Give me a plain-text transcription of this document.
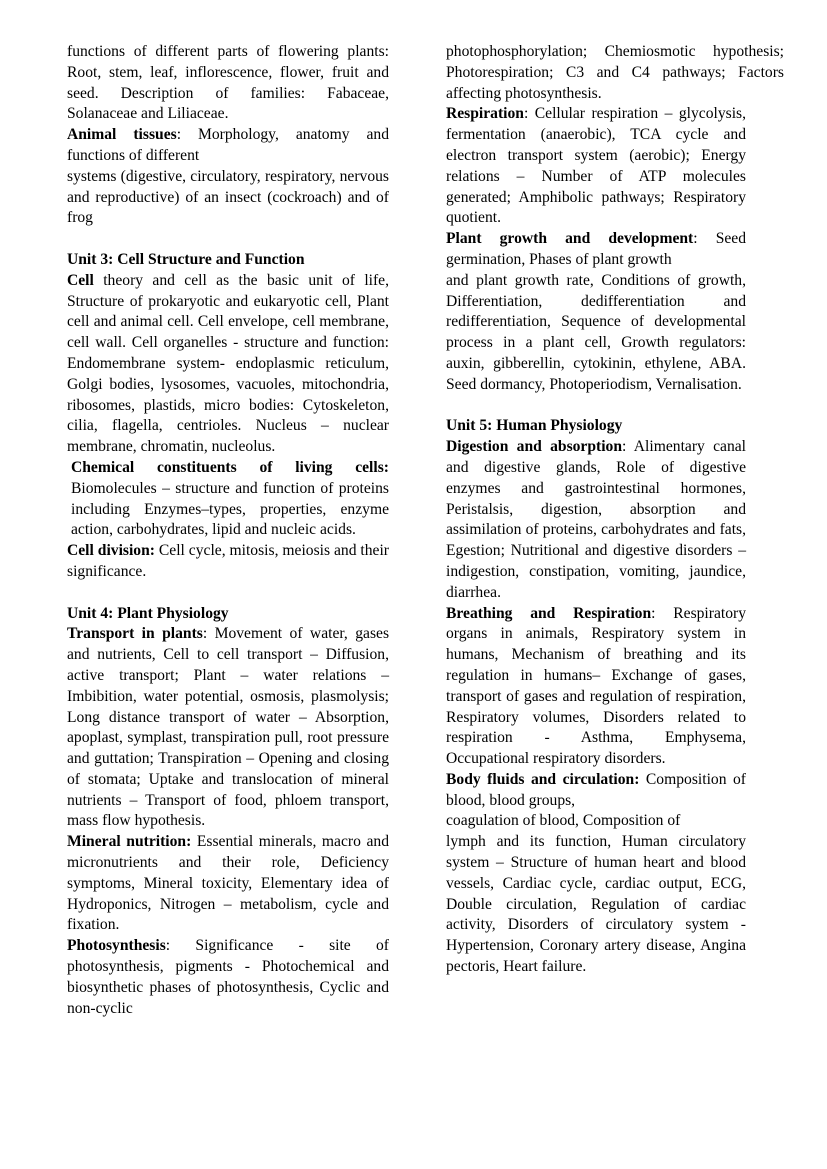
functions of different parts of flowering plants: Root, stem, leaf, inflorescence, flower, fruit and seed. Description of families: Fabaceae, Solanaceae and Liliaceae.

Animal tissues: Morphology, anatomy and functions of different

systems (digestive, circulatory, respiratory, nervous and reproductive) of an insect (cockroach) and of frog

Unit 3: Cell Structure and Function

Cell theory and cell as the basic unit of life, Structure of prokaryotic and eukaryotic cell, Plant cell and animal cell. Cell envelope, cell membrane, cell wall. Cell organelles - structure and function: Endomembrane system- endoplasmic reticulum, Golgi bodies, lysosomes, vacuoles, mitochondria, ribosomes, plastids, micro bodies: Cytoskeleton, cilia, flagella, centrioles. Nucleus – nuclear membrane, chromatin, nucleolus.

Chemical constituents of living cells: Biomolecules – structure and function of proteins including Enzymes–types, properties, enzyme action, carbohydrates, lipid and nucleic acids.

Cell division: Cell cycle, mitosis, meiosis and their significance.

Unit 4: Plant Physiology

Transport in plants: Movement of water, gases and nutrients, Cell to cell transport – Diffusion, active transport; Plant – water relations – Imbibition, water potential, osmosis, plasmolysis; Long distance transport of water – Absorption, apoplast, symplast, transpiration pull, root pressure and guttation; Transpiration – Opening and closing of stomata; Uptake and translocation of mineral nutrients – Transport of food, phloem transport, mass flow hypothesis.

Mineral nutrition: Essential minerals, macro and micronutrients and their role, Deficiency symptoms, Mineral toxicity, Elementary idea of Hydroponics, Nitrogen – metabolism, cycle and fixation.

Photosynthesis: Significance - site of photosynthesis, pigments - Photochemical and biosynthetic phases of photosynthesis, Cyclic and non-cyclic

photophosphorylation; Chemiosmotic hypothesis; Photorespiration; C3 and C4 pathways; Factors affecting photosynthesis.

Respiration: Cellular respiration – glycolysis, fermentation (anaerobic), TCA cycle and electron transport system (aerobic); Energy relations – Number of ATP molecules generated; Amphibolic pathways; Respiratory quotient.

Plant growth and development: Seed germination, Phases of plant growth

and plant growth rate, Conditions of growth, Differentiation, dedifferentiation and redifferentiation, Sequence of developmental process in a plant cell, Growth regulators: auxin, gibberellin, cytokinin, ethylene, ABA. Seed dormancy, Photoperiodism, Vernalisation.

Unit 5: Human Physiology

Digestion and absorption: Alimentary canal and digestive glands, Role of digestive enzymes and gastrointestinal hormones, Peristalsis, digestion, absorption and assimilation of proteins, carbohydrates and fats, Egestion; Nutritional and digestive disorders – indigestion, constipation, vomiting, jaundice, diarrhea.

Breathing and Respiration: Respiratory organs in animals, Respiratory system in humans, Mechanism of breathing and its regulation in humans– Exchange of gases, transport of gases and regulation of respiration, Respiratory volumes, Disorders related to respiration - Asthma, Emphysema, Occupational respiratory disorders.

Body fluids and circulation: Composition of blood, blood groups,

coagulation of blood, Composition of

lymph and its function, Human circulatory system – Structure of human heart and blood vessels, Cardiac cycle, cardiac output, ECG, Double circulation, Regulation of cardiac activity, Disorders of circulatory system - Hypertension, Coronary artery disease, Angina pectoris, Heart failure.
